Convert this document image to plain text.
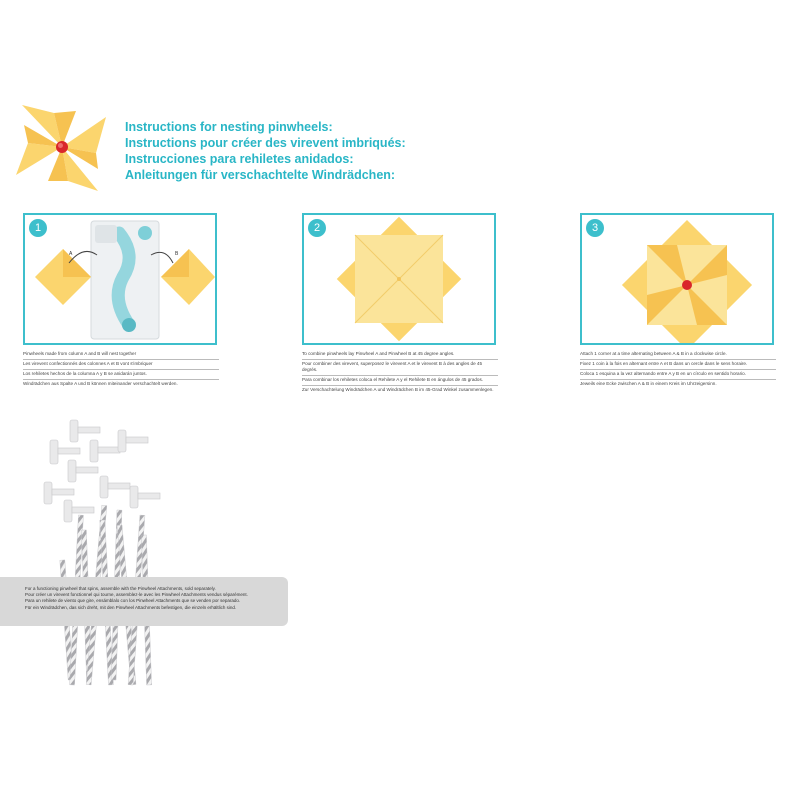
Instructions for nesting pinwheels:
Instructions pour créer des virevent imbriqués:
Instrucciones para rehiletes anidados:
Anleitungen für verschachtelte Windrädchen:
1
A	B
Pinwheels made from column A and B will nest together
Les virevent confectionnés des colonnes A et B vont s'imbriquer
Los rehiletes hechos de la columna A y B se anidarán juntos.
Windrädchen aus Spalte A und B können miteinander verschachtelt werden.
2
To combine pinwheels lay Pinwheel A and Pinwheel B at 45 degree angles.
Pour combiner des virevent, superposez le virevent A et le virevent B à des angles de 45 degrés.
Para combinar los rehiletes coloca el Rehilete A y el Rehilete B en ángulos de 45 grados.
Zur Verschachtelung Windrädchen A und Windrädchen B im 45-Grad Winkel zusammenlegen.
3
Attach 1 corner at a time alternating between A & B in a clockwise circle.
Fixez 1 coin à la fois en alternant entre A et B dans un cercle dans le sens horaire.
Coloca 1 esquina a la vez alternando entre A y B en un círculo en sentido horario.
Jeweils eine Ecke zwischen A & B in einem Kreis im Uhrzeigersinn.
For a functioning pinwheel that spins, assemble with the Pinwheel Attachments, sold separately.
Pour créer un virevent fonctionnel qui tourne, assemblez-le avec les Pinwheel Attachments vendus séparément.
Para un rehilete de viento que gire, ensámblalo con los Pinwheel Attachments que se venden por separado.
Für ein Windrädchen, das sich dreht, mit den Pinwheel Attachments befestigen, die einzeln erhältlich sind.
